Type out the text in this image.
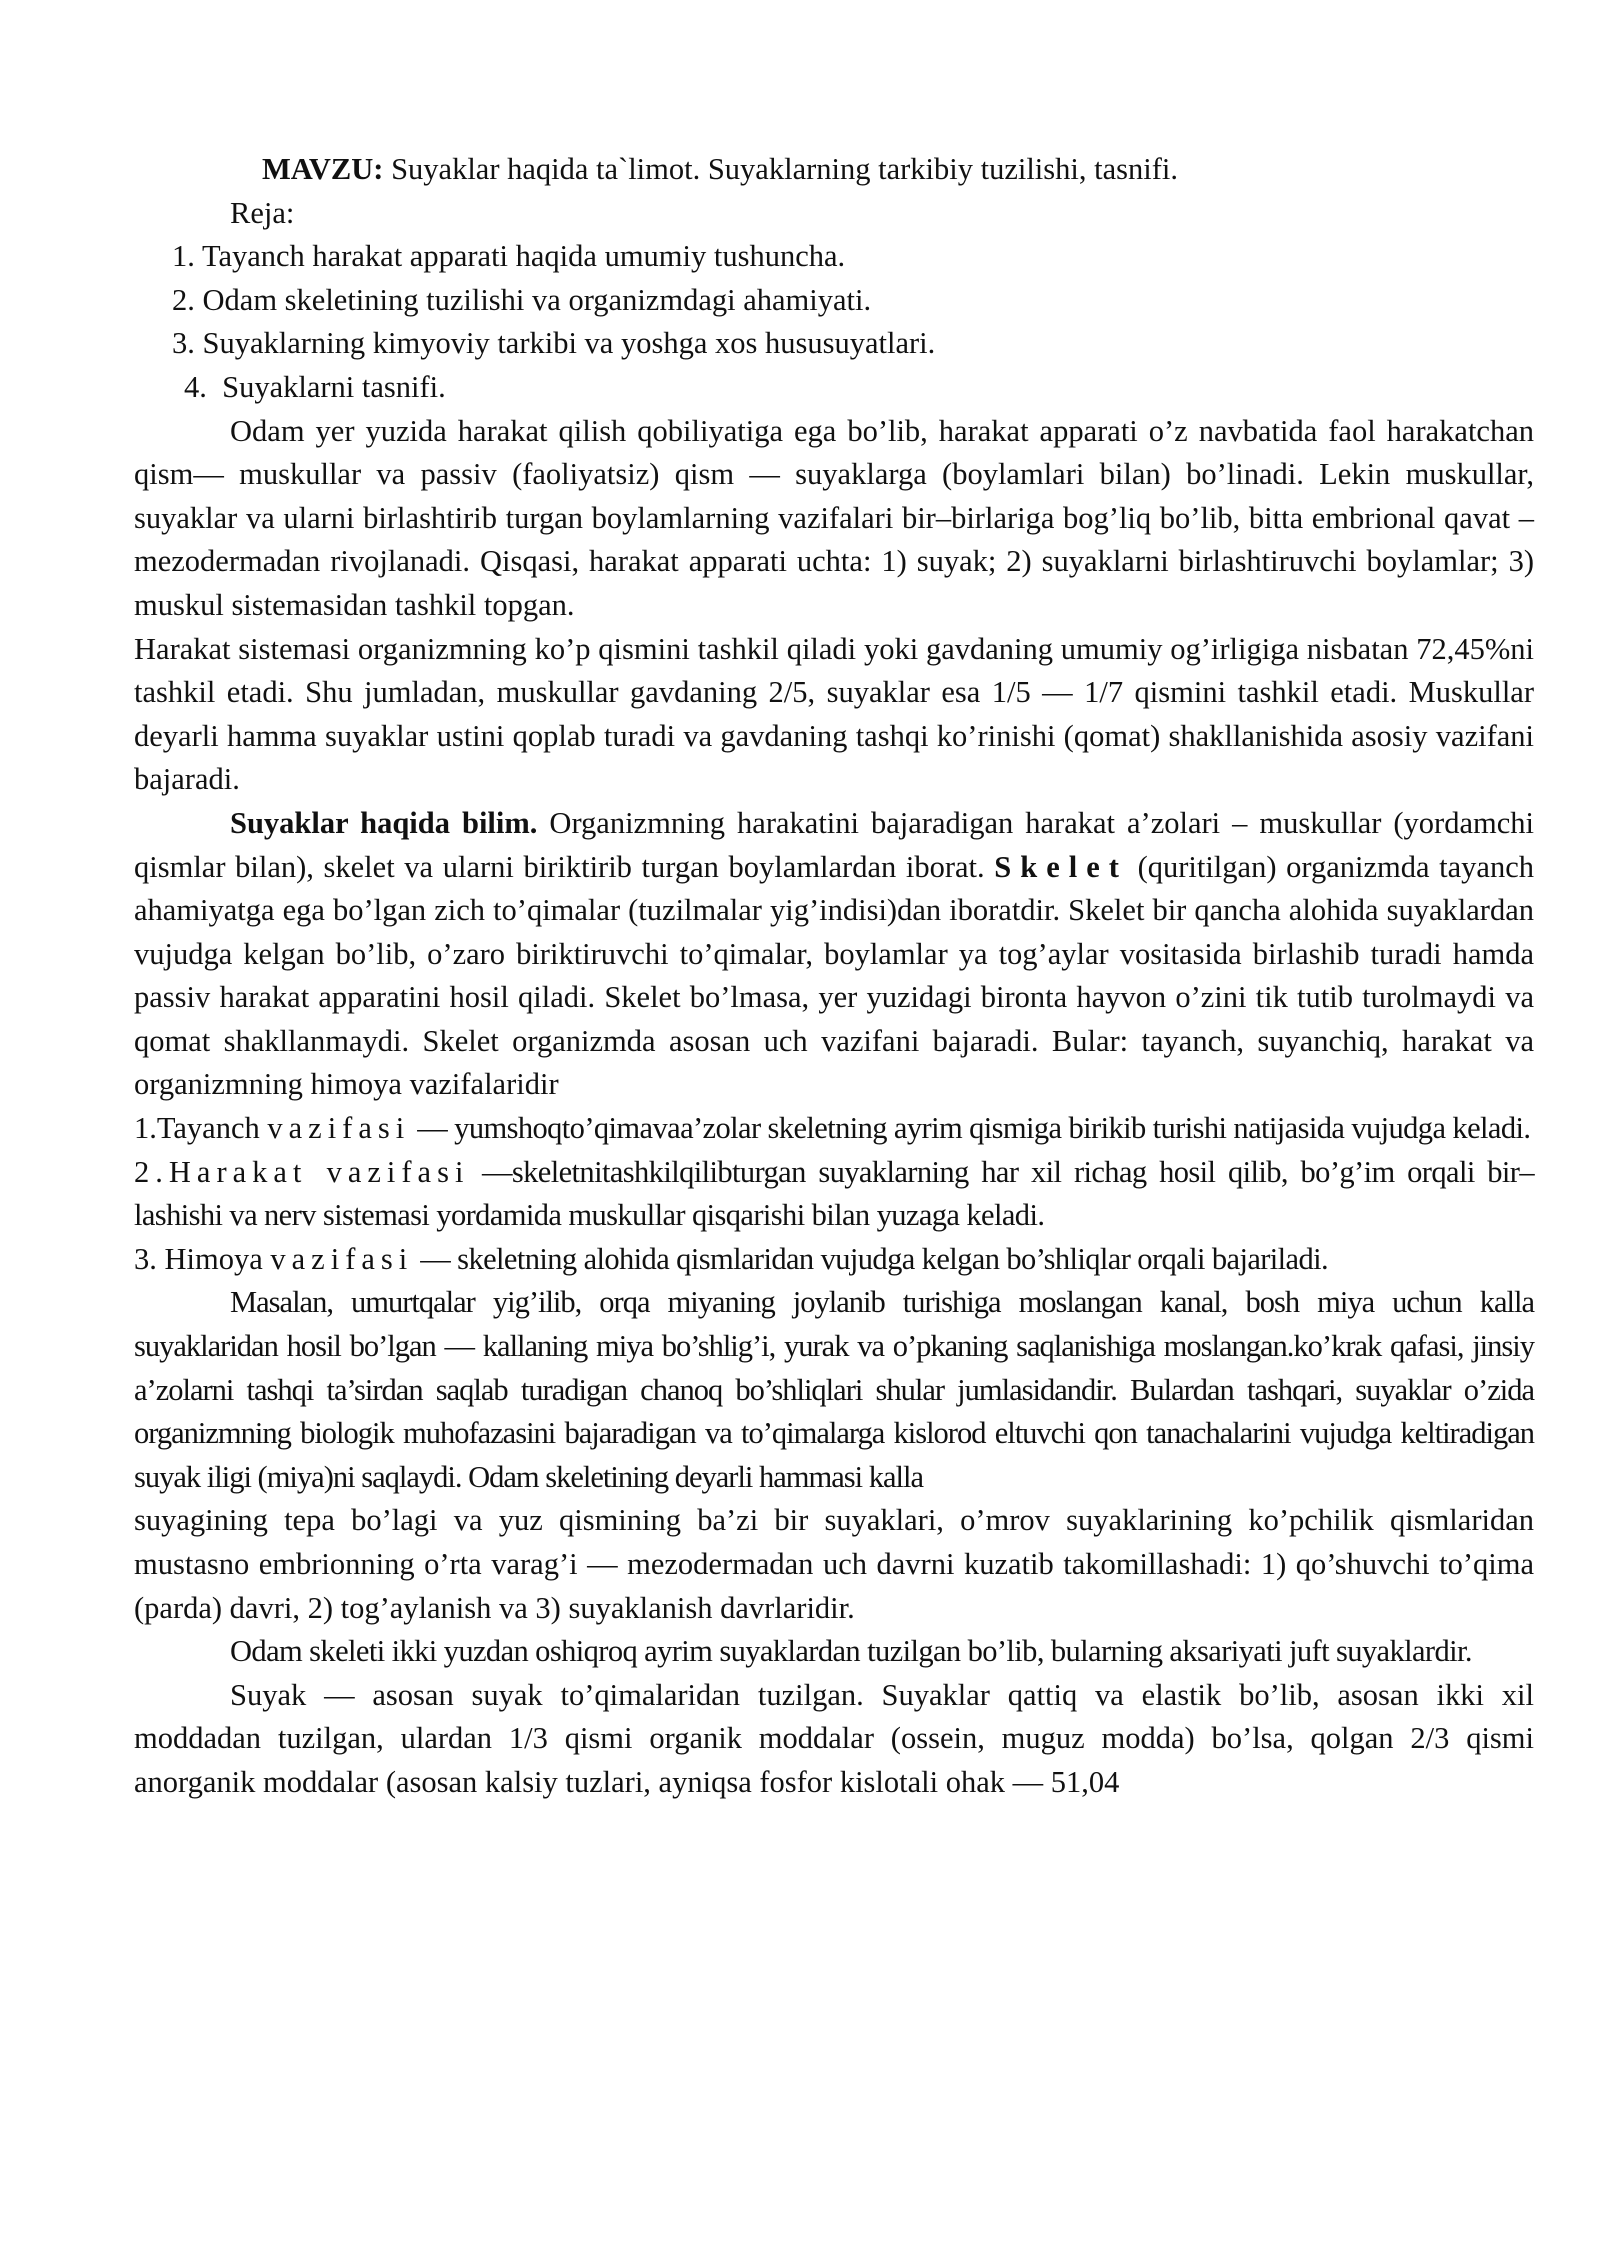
MAVZU: Suyaklar haqida ta`limot. Suyaklarning tarkibiy tuzilishi, tasnifi.
Reja:
1. Tayanch harakat apparati haqida umumiy tushuncha.
2. Odam skeletining tuzilishi va organizmdagi ahamiyati.
3. Suyaklarning kimyoviy tarkibi va yoshga xos hususuyatlari.
4.  Suyaklarni tasnifi.

Odam yer yuzida harakat qilish qobiliyatiga ega bo’lib, harakat apparati o’z navbatida faol harakatchan qism— muskullar va passiv (faoliyatsiz) qism — suyaklarga (boylamlari bilan) bo’linadi. Lekin muskullar, suyaklar va ularni birlashtirib turgan boylamlarning vazifalari bir–birlariga bog’liq bo’lib, bitta embrional qavat – mezodermadan rivojlanadi. Qisqasi, harakat apparati uchta: 1) suyak; 2) suyaklarni birlashtiruvchi boylamlar; 3) muskul sistemasidan tashkil topgan.

Harakat sistemasi organizmning ko’p qismini tashkil qiladi yoki gavdaning umumiy og’irligiga nisbatan 72,45%ni tashkil etadi. Shu jumladan, muskullar gavdaning 2/5, suyaklar esa 1/5 — 1/7 qismini tashkil etadi. Muskullar deyarli hamma suyaklar ustini qoplab turadi va gavdaning tashqi ko’rinishi (qomat) shakllanishida asosiy vazifani bajaradi.

Suyaklar haqida bilim. Organizmning harakatini bajaradigan harakat a’zolari – muskullar (yordamchi qismlar bilan), skelet va ularni biriktirib turgan boylamlardan iborat. Skelet (quritilgan) organizmda tayanch ahamiyatga ega bo’lgan zich to’qimalar (tuzilmalar yig’indisi)dan iboratdir. Skelet bir qancha alohida suyaklardan vujudga kelgan bo’lib, o’zaro biriktiruvchi to’qimalar, boylamlar ya tog’aylar vositasida birlashib turadi hamda passiv harakat apparatini hosil qiladi. Skelet bo’lmasa, yer yuzidagi bironta hayvon o’zini tik tutib turolmaydi va qomat shakllanmaydi. Skelet organizmda asosan uch vazifani bajaradi. Bular: tayanch, suyanchiq, harakat va organizmning himoya vazifalaridir

1.Tayanch vazifasi — yumshoqto’qimavaa’zolar skeletning ayrim qismiga birikib turishi natijasida vujudga keladi.

2.Harakat vazifasi —skeletnitashkilqilibturgan suyaklarning har xil richag hosil qilib, bo’g’im orqali bir–lashishi va nerv sistemasi yordamida muskullar qisqarishi bilan yuzaga keladi.

3. Himoya vazifasi — skeletning alohida qismlaridan vujudga kelgan bo’shliqlar orqali bajariladi.

Masalan, umurtqalar yig’ilib, orqa miyaning joylanib turishiga moslangan kanal, bosh miya uchun kalla suyaklaridan hosil bo’lgan — kallaning miya bo’shlig’i, yurak va o’pkaning saqlanishiga moslangan.ko’krak qafasi, jinsiy a’zolarni tashqi ta’sirdan saqlab turadigan chanoq bo’shliqlari shular jumlasidandir. Bulardan tashqari, suyaklar o’zida organizmning biologik muhofazasini bajaradigan va to’qimalarga kislorod eltuvchi qon tanachalarini vujudga keltiradigan suyak iligi (miya)ni saqlaydi. Odam skeletining deyarli hammasi kalla

suyagining tepa bo’lagi va yuz qismining ba’zi bir suyaklari, o’mrov suyaklarining ko’pchilik qismlaridan mustasno embrionning o’rta varag’i — mezodermadan uch davrni kuzatib takomillashadi: 1) qo’shuvchi to’qima (parda) davri, 2) tog’aylanish va 3) suyaklanish davrlaridir.

Odam skeleti ikki yuzdan oshiqroq ayrim suyaklardan tuzilgan bo’lib, bularning aksariyati juft suyaklardir.

Suyak — asosan suyak to’qimalaridan tuzilgan. Suyaklar qattiq va elastik bo’lib, asosan ikki xil moddadan tuzilgan, ulardan 1/3 qismi organik moddalar (ossein, muguz modda) bo’lsa, qolgan 2/3 qismi anorganik moddalar (asosan kalsiy tuzlari, ayniqsa fosfor kislotali ohak — 51,04
